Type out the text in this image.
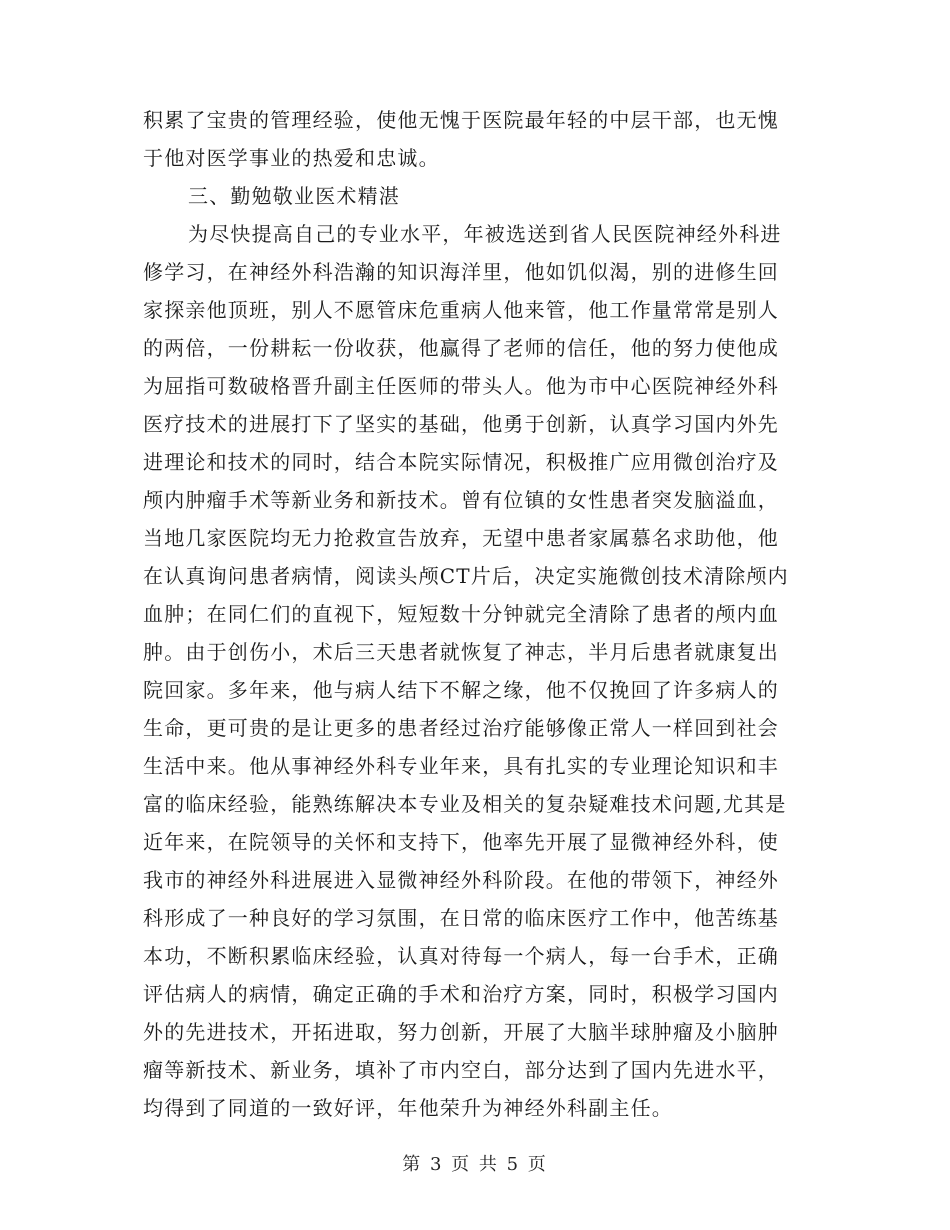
积累了宝贵的管理经验，使他无愧于医院最年轻的中层干部，也无愧
于他对医学事业的热爱和忠诚。
三、勤勉敬业医术精湛
为尽快提高自己的专业水平，年被选送到省人民医院神经外科进
修学习，在神经外科浩瀚的知识海洋里，他如饥似渴，别的进修生回
家探亲他顶班，别人不愿管床危重病人他来管，他工作量常常是别人
的两倍，一份耕耘一份收获，他赢得了老师的信任，他的努力使他成
为屈指可数破格晋升副主任医师的带头人。他为市中心医院神经外科
医疗技术的进展打下了坚实的基础，他勇于创新，认真学习国内外先
进理论和技术的同时，结合本院实际情况，积极推广应用微创治疗及
颅内肿瘤手术等新业务和新技术。曾有位镇的女性患者突发脑溢血，
当地几家医院均无力抢救宣告放弃，无望中患者家属慕名求助他，他
在认真询问患者病情，阅读头颅CT片后，决定实施微创技术清除颅内
血肿；在同仁们的直视下，短短数十分钟就完全清除了患者的颅内血
肿。由于创伤小，术后三天患者就恢复了神志，半月后患者就康复出
院回家。多年来，他与病人结下不解之缘，他不仅挽回了许多病人的
生命，更可贵的是让更多的患者经过治疗能够像正常人一样回到社会
生活中来。他从事神经外科专业年来，具有扎实的专业理论知识和丰
富的临床经验，能熟练解决本专业及相关的复杂疑难技术问题,尤其是
近年来，在院领导的关怀和支持下，他率先开展了显微神经外科，使
我市的神经外科进展进入显微神经外科阶段。在他的带领下，神经外
科形成了一种良好的学习氛围，在日常的临床医疗工作中，他苦练基
本功，不断积累临床经验，认真对待每一个病人，每一台手术，正确
评估病人的病情，确定正确的手术和治疗方案，同时，积极学习国内
外的先进技术，开拓进取，努力创新，开展了大脑半球肿瘤及小脑肿
瘤等新技术、新业务，填补了市内空白，部分达到了国内先进水平，
均得到了同道的一致好评，年他荣升为神经外科副主任。
第 3 页 共 5 页
